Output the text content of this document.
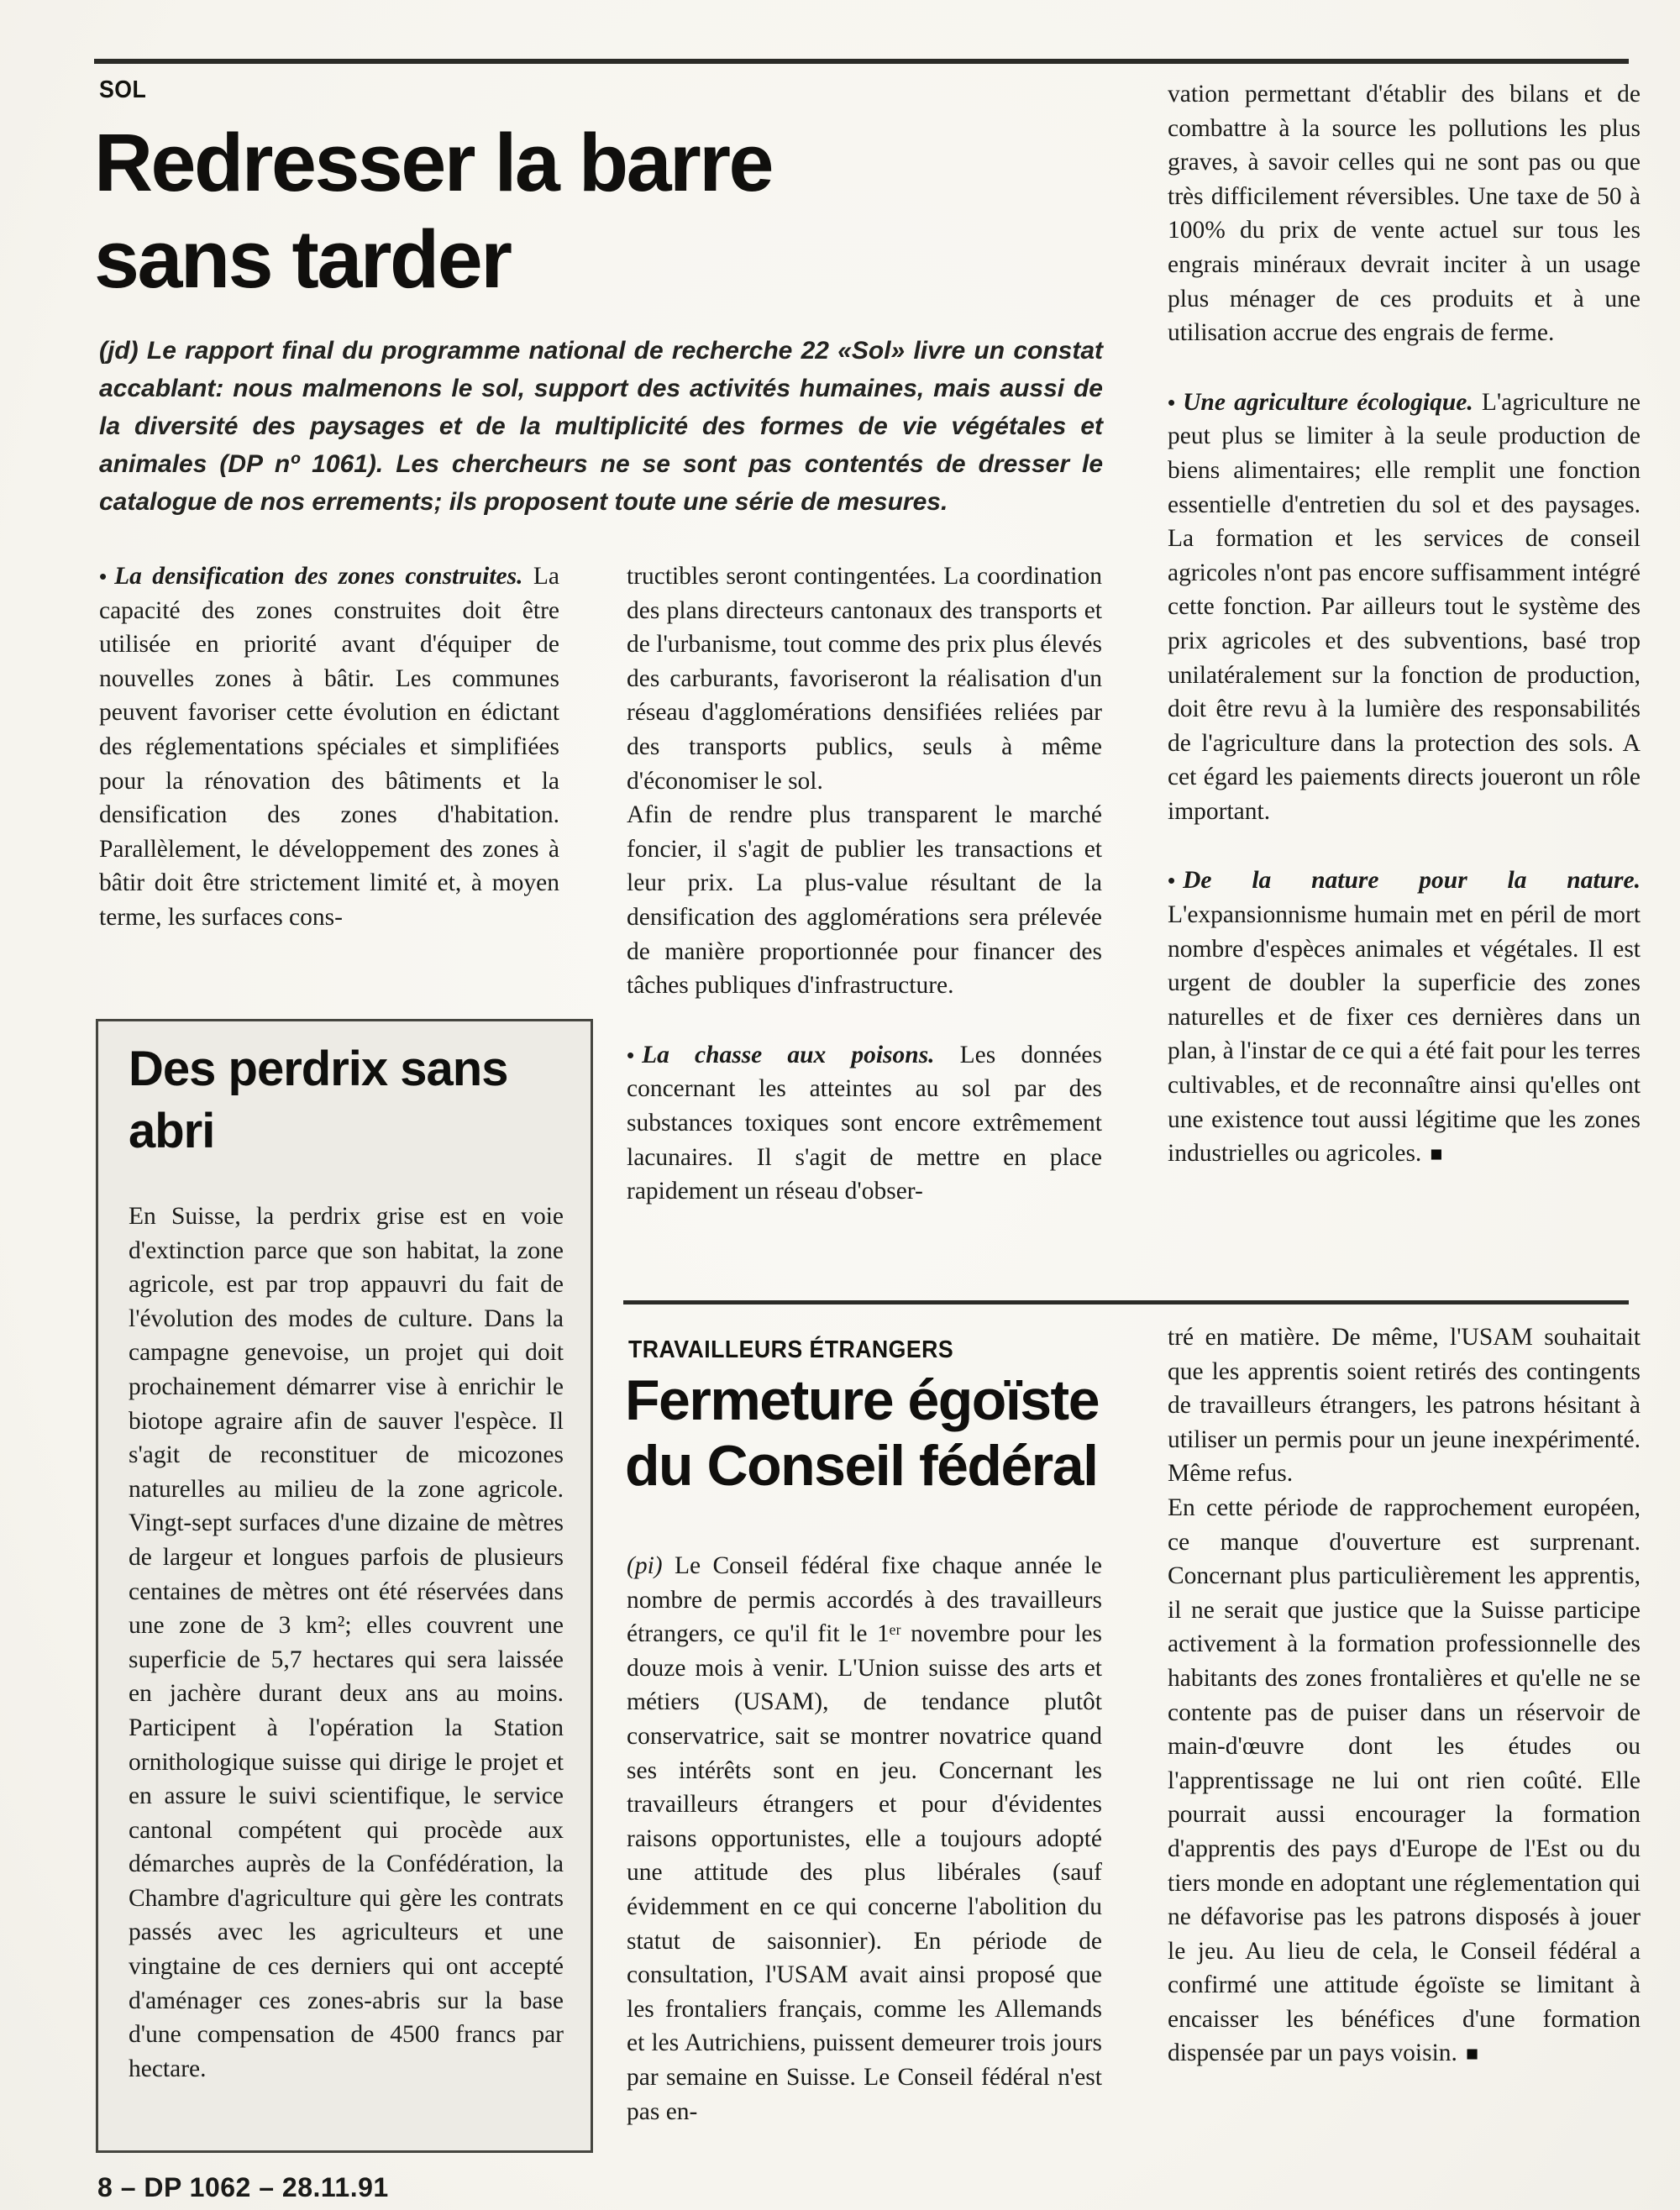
SOL
Redresser la barre
sans tarder

(jd) Le rapport final du programme national de recherche 22 «Sol» livre un constat accablant: nous malmenons le sol, support des activités humaines, mais aussi de la diversité des paysages et de la multiplicité des formes de vie végétales et animales (DP nº 1061). Les chercheurs ne se sont pas contentés de dresser le catalogue de nos errements; ils proposent toute une série de mesures.

• La densification des zones construites. La capacité des zones construites doit être utilisée en priorité avant d'équiper de nouvelles zones à bâtir. Les communes peuvent favoriser cette évolution en édictant des réglementations spéciales et simplifiées pour la rénovation des bâtiments et la densification des zones d'habitation. Parallèlement, le développement des zones à bâtir doit être strictement limité et, à moyen terme, les surfaces cons-

tructibles seront contingentées. La coordination des plans directeurs cantonaux des transports et de l'urbanisme, tout comme des prix plus élevés des carburants, favoriseront la réalisation d'un réseau d'agglomérations densifiées reliées par des transports publics, seuls à même d'économiser le sol.

Afin de rendre plus transparent le marché foncier, il s'agit de publier les transactions et leur prix. La plus-value résultant de la densification des agglomérations sera prélevée de manière proportionnée pour financer des tâches publiques d'infrastructure.

• La chasse aux poisons. Les données concernant les atteintes au sol par des substances toxiques sont encore extrêmement lacunaires. Il s'agit de mettre en place rapidement un réseau d'obser-

vation permettant d'établir des bilans et de combattre à la source les pollutions les plus graves, à savoir celles qui ne sont pas ou que très difficilement réversibles. Une taxe de 50 à 100% du prix de vente actuel sur tous les engrais minéraux devrait inciter à un usage plus ménager de ces produits et à une utilisation accrue des engrais de ferme.

• Une agriculture écologique. L'agriculture ne peut plus se limiter à la seule production de biens alimentaires; elle remplit une fonction essentielle d'entretien du sol et des paysages. La formation et les services de conseil agricoles n'ont pas encore suffisamment intégré cette fonction. Par ailleurs tout le système des prix agricoles et des subventions, basé trop unilatéralement sur la fonction de production, doit être revu à la lumière des responsabilités de l'agriculture dans la protection des sols. A cet égard les paiements directs joueront un rôle important.

• De la nature pour la nature. L'expansionnisme humain met en péril de mort nombre d'espèces animales et végétales. Il est urgent de doubler la superficie des zones naturelles et de fixer ces dernières dans un plan, à l'instar de ce qui a été fait pour les terres cultivables, et de reconnaître ainsi qu'elles ont une existence tout aussi légitime que les zones industrielles ou agricoles. ■

Des perdrix sans
abri

En Suisse, la perdrix grise est en voie d'extinction parce que son habitat, la zone agricole, est par trop appauvri du fait de l'évolution des modes de culture. Dans la campagne genevoise, un projet qui doit prochainement démarrer vise à enrichir le biotope agraire afin de sauver l'espèce. Il s'agit de reconstituer de micozones naturelles au milieu de la zone agricole. Vingt-sept surfaces d'une dizaine de mètres de largeur et longues parfois de plusieurs centaines de mètres ont été réservées dans une zone de 3 km²; elles couvrent une superficie de 5,7 hectares qui sera laissée en jachère durant deux ans au moins. Participent à l'opération la Station ornithologique suisse qui dirige le projet et en assure le suivi scientifique, le service cantonal compétent qui procède aux démarches auprès de la Confédération, la Chambre d'agriculture qui gère les contrats passés avec les agriculteurs et une vingtaine de ces derniers qui ont accepté d'aménager ces zones-abris sur la base d'une compensation de 4500 francs par hectare.

TRAVAILLEURS ÉTRANGERS
Fermeture égoïste
du Conseil fédéral

(pi) Le Conseil fédéral fixe chaque année le nombre de permis accordés à des travailleurs étrangers, ce qu'il fit le 1ᵉʳ novembre pour les douze mois à venir. L'Union suisse des arts et métiers (USAM), de tendance plutôt conservatrice, sait se montrer novatrice quand ses intérêts sont en jeu. Concernant les travailleurs étrangers et pour d'évidentes raisons opportunistes, elle a toujours adopté une attitude des plus libérales (sauf évidemment en ce qui concerne l'abolition du statut de saisonnier). En période de consultation, l'USAM avait ainsi proposé que les frontaliers français, comme les Allemands et les Autrichiens, puissent demeurer trois jours par semaine en Suisse. Le Conseil fédéral n'est pas en-

tré en matière. De même, l'USAM souhaitait que les apprentis soient retirés des contingents de travailleurs étrangers, les patrons hésitant à utiliser un permis pour un jeune inexpérimenté. Même refus.

En cette période de rapprochement européen, ce manque d'ouverture est surprenant. Concernant plus particulièrement les apprentis, il ne serait que justice que la Suisse participe activement à la formation professionnelle des habitants des zones frontalières et qu'elle ne se contente pas de puiser dans un réservoir de main-d'œuvre dont les études ou l'apprentissage ne lui ont rien coûté. Elle pourrait aussi encourager la formation d'apprentis des pays d'Europe de l'Est ou du tiers monde en adoptant une réglementation qui ne défavorise pas les patrons disposés à jouer le jeu. Au lieu de cela, le Conseil fédéral a confirmé une attitude égoïste se limitant à encaisser les bénéfices d'une formation dispensée par un pays voisin. ■

8 – DP 1062 – 28.11.91
